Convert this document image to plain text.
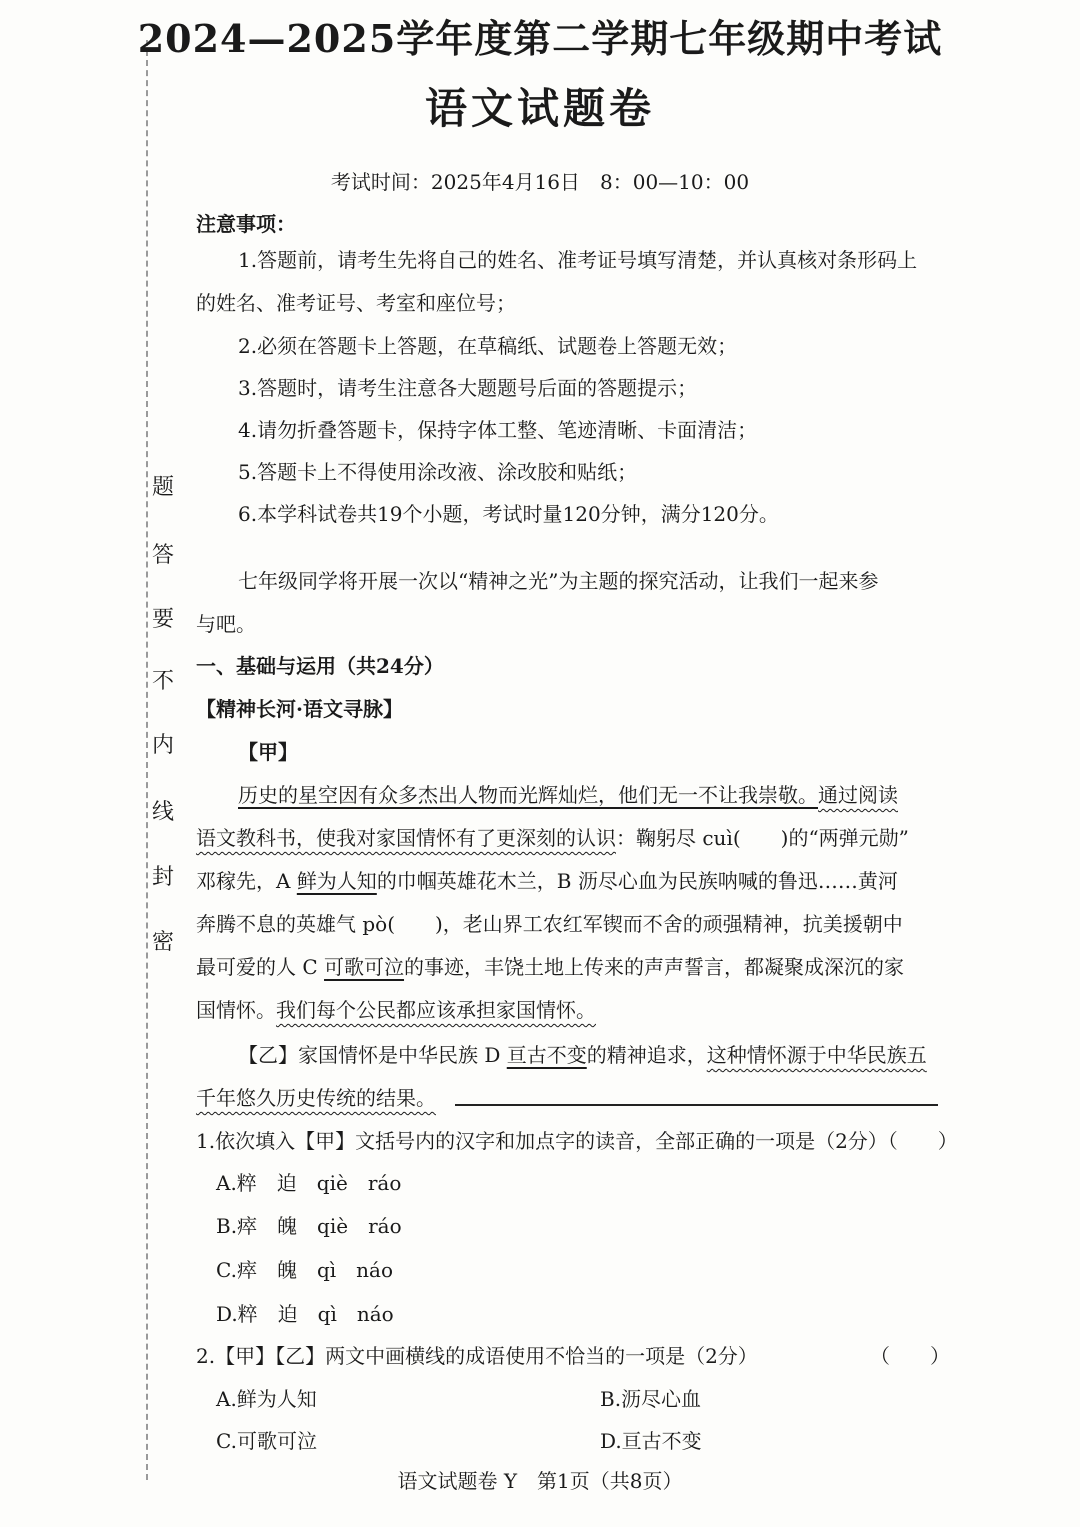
题
答
要
不
内
线
封
密
2024—2025学年度第二学期七年级期中考试
语文试题卷
考试时间：2025年4月16日　8：00—10：00
注意事项：
1.答题前，请考生先将自己的姓名、准考证号填写清楚，并认真核对条形码上
的姓名、准考证号、考室和座位号；
2.必须在答题卡上答题，在草稿纸、试题卷上答题无效；
3.答题时，请考生注意各大题题号后面的答题提示；
4.请勿折叠答题卡，保持字体工整、笔迹清晰、卡面清洁；
5.答题卡上不得使用涂改液、涂改胶和贴纸；
6.本学科试卷共19个小题，考试时量120分钟，满分120分。
七年级同学将开展一次以“精神之光”为主题的探究活动，让我们一起来参
与吧。
一、基础与运用（共24分）
【精神长河·语文寻脉】
【甲】
历史的星空因有众多杰出人物而光辉灿烂，他们无一不让我崇敬。通过阅读
语文教科书，使我对家国情怀有了更深刻的认识：鞠躬尽 cuì(　　)的“两弹元勋”
邓稼先，A 鲜为人知的巾帼英雄花木兰，B 沥尽心血为民族呐喊的鲁迅……黄河
奔腾不息的英雄气 pò(　　)，老山界工农红军锲而不舍的顽强精神，抗美援朝中
最可爱的人 C 可歌可泣的事迹，丰饶土地上传来的声声誓言，都凝聚成深沉的家
国情怀。我们每个公民都应该承担家国情怀。
【乙】家国情怀是中华民族 D 亘古不变的精神追求，这种情怀源于中华民族五
千年悠久历史传统的结果。
1.依次填入【甲】文括号内的汉字和加点字的读音，全部正确的一项是（2分）（　　）
A.粹　迫　qiè　ráo
B.瘁　魄　qiè　ráo
C.瘁　魄　qì　náo
D.粹　迫　qì　náo
2.【甲】【乙】两文中画横线的成语使用不恰当的一项是（2分）	（　　）
A.鲜为人知	B.沥尽心血
C.可歌可泣	D.亘古不变
语文试题卷 Y　第1页（共8页）
